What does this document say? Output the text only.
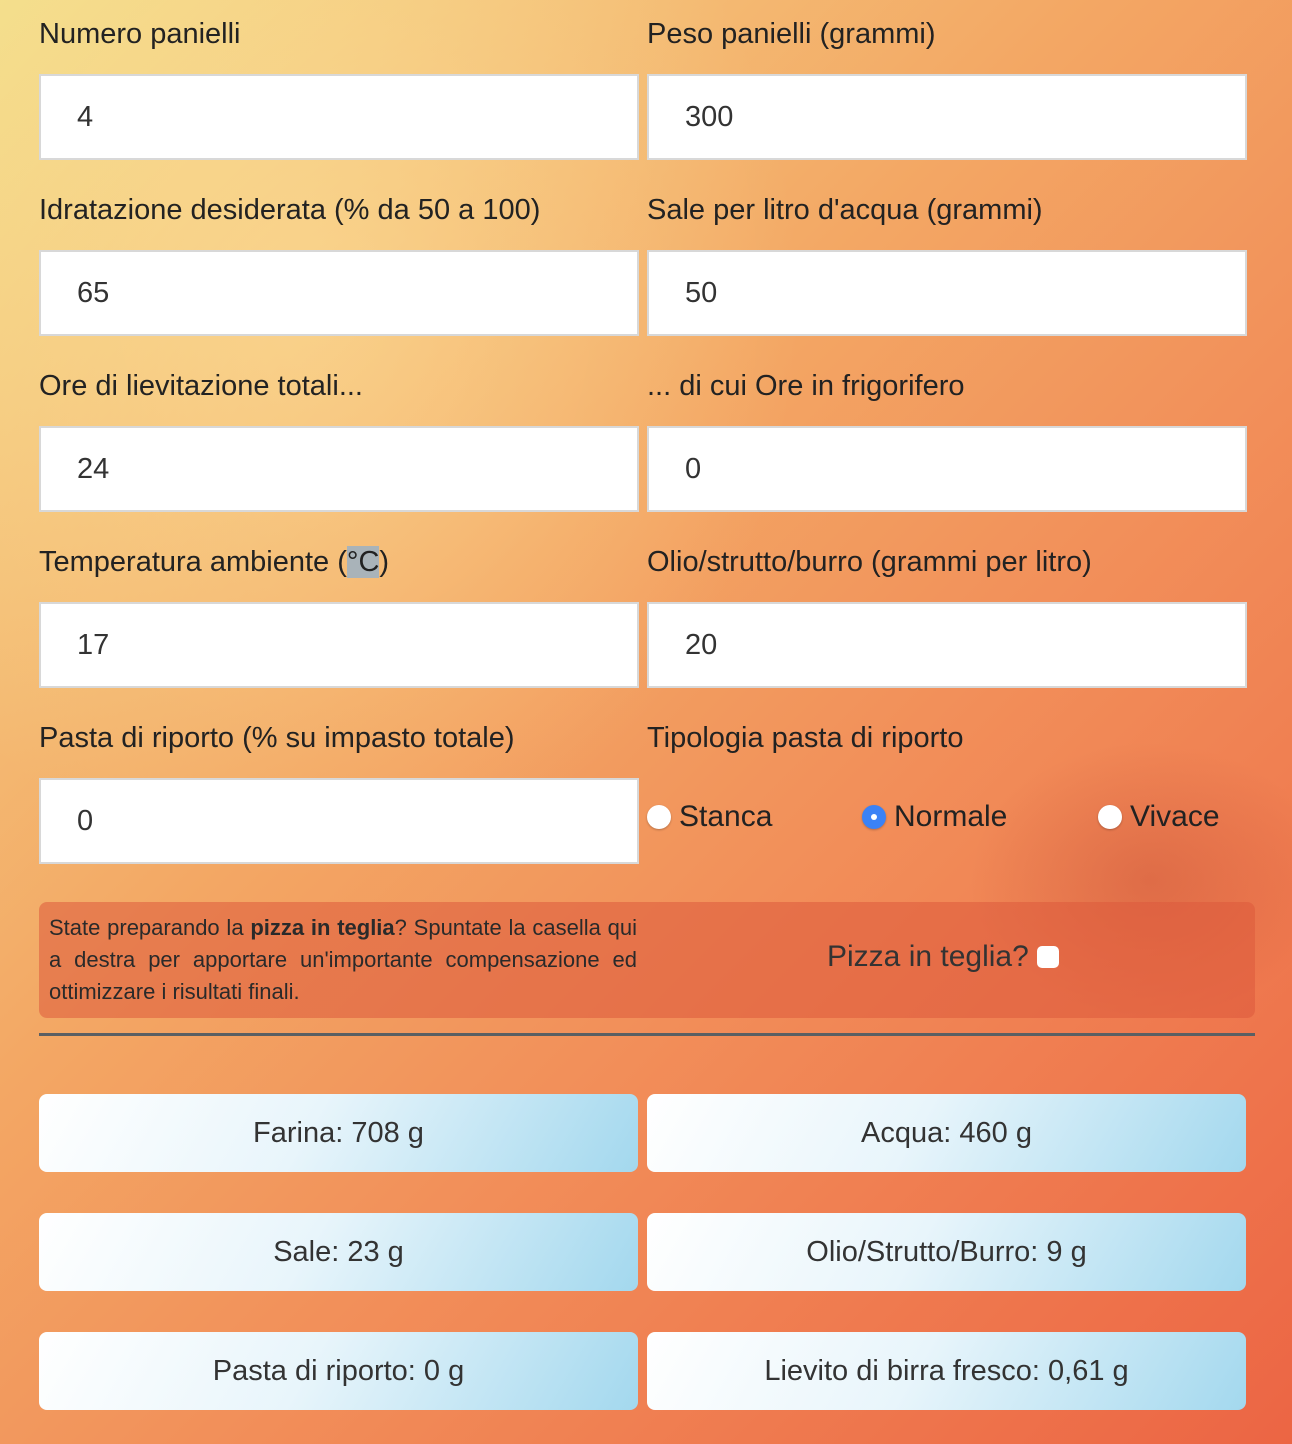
Numero panielli
4
Peso panielli (grammi)
300
Idratazione desiderata (% da 50 a 100)
65
Sale per litro d'acqua (grammi)
50
Ore di lievitazione totali...
24
... di cui Ore in frigorifero
0
Temperatura ambiente (°C)
17
Olio/strutto/burro (grammi per litro)
20
Pasta di riporto (% su impasto totale)
0
Tipologia pasta di riporto
Stanca	Normale	Vivace
State preparando la pizza in teglia? Spuntate la casella qui a destra per apportare un'importante compensazione ed ottimizzare i risultati finali.
Pizza in teglia?
Farina: 708 g	Acqua: 460 g
Sale: 23 g	Olio/Strutto/Burro: 9 g
Pasta di riporto: 0 g	Lievito di birra fresco: 0,61 g
